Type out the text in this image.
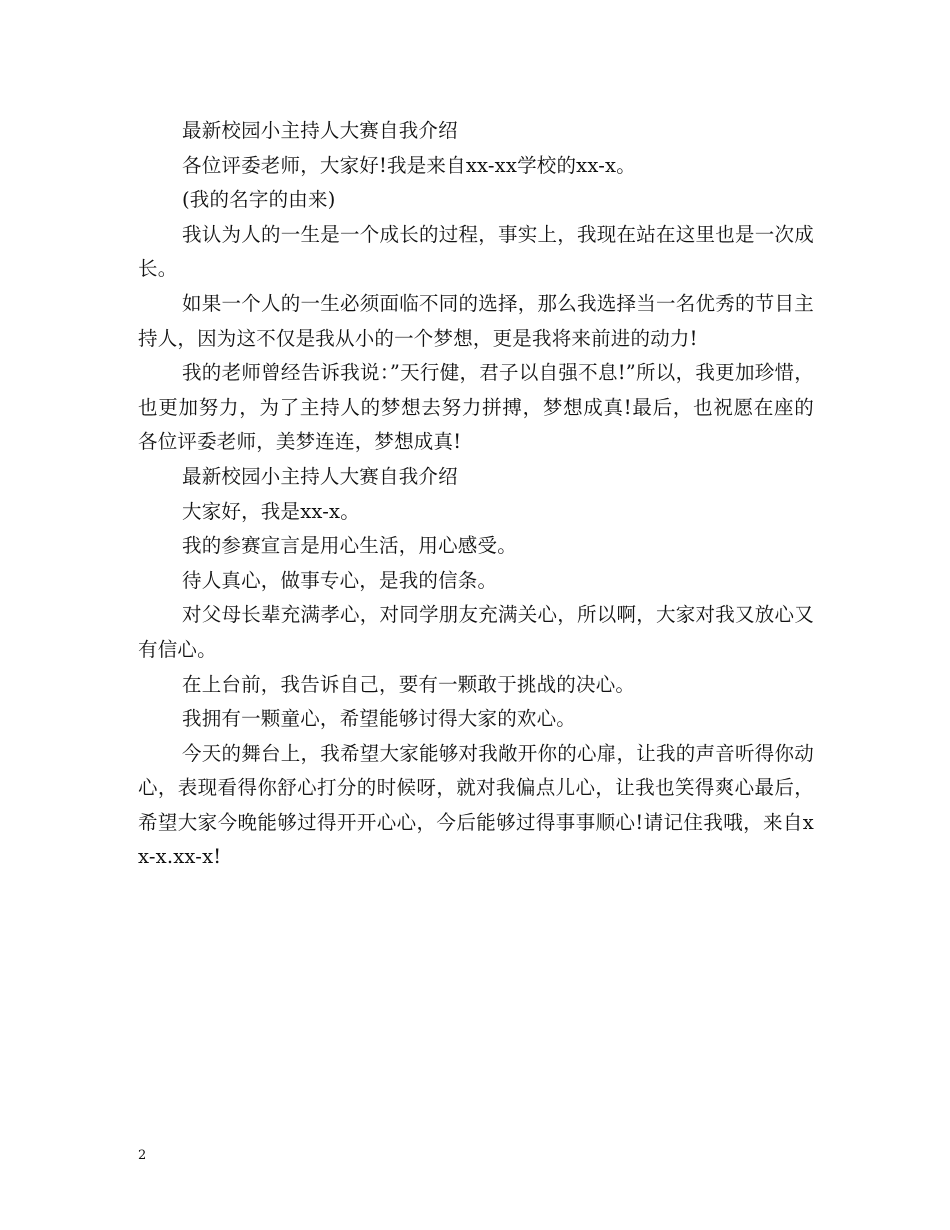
最新校园小主持人大赛自我介绍

各位评委老师，大家好!我是来自xx-xx学校的xx-x。

(我的名字的由来)

我认为人的一生是一个成长的过程，事实上，我现在站在这里也是一次成长。

如果一个人的一生必须面临不同的选择，那么我选择当一名优秀的节目主持人，因为这不仅是我从小的一个梦想，更是我将来前进的动力!

我的老师曾经告诉我说：”天行健，君子以自强不息!”所以，我更加珍惜，也更加努力，为了主持人的梦想去努力拼搏，梦想成真!最后，也祝愿在座的各位评委老师，美梦连连，梦想成真!

最新校园小主持人大赛自我介绍

大家好，我是xx-x。

我的参赛宣言是用心生活，用心感受。

待人真心，做事专心，是我的信条。

对父母长辈充满孝心，对同学朋友充满关心，所以啊，大家对我又放心又有信心。

在上台前，我告诉自己，要有一颗敢于挑战的决心。

我拥有一颗童心，希望能够讨得大家的欢心。

今天的舞台上，我希望大家能够对我敞开你的心扉，让我的声音听得你动心，表现看得你舒心打分的时候呀，就对我偏点儿心，让我也笑得爽心最后，希望大家今晚能够过得开开心心，今后能够过得事事顺心!请记住我哦，来自xx-x.xx-x!

2
